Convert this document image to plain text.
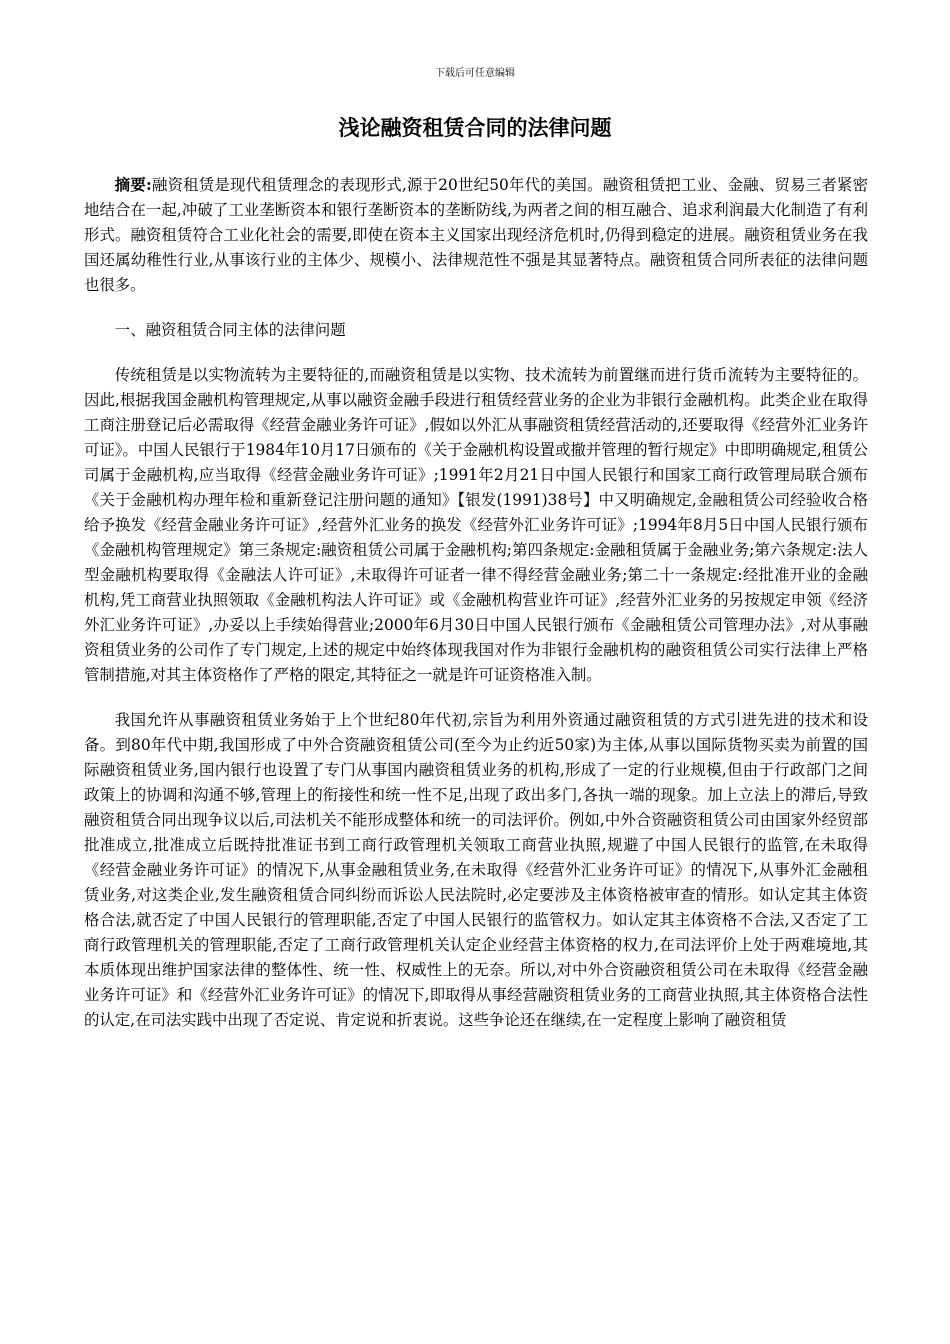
下载后可任意编辑
浅论融资租赁合同的法律问题

摘要:融资租赁是现代租赁理念的表现形式,源于20世纪50年代的美国。融资租赁把工业、金融、贸易三者紧密地结合在一起,冲破了工业垄断资本和银行垄断资本的垄断防线,为两者之间的相互融合、追求利润最大化制造了有利形式。融资租赁符合工业化社会的需要,即使在资本主义国家出现经济危机时,仍得到稳定的进展。融资租赁业务在我国还属幼稚性行业,从事该行业的主体少、规模小、法律规范性不强是其显著特点。融资租赁合同所表征的法律问题也很多。

一、融资租赁合同主体的法律问题

传统租赁是以实物流转为主要特征的,而融资租赁是以实物、技术流转为前置继而进行货币流转为主要特征的。因此,根据我国金融机构管理规定,从事以融资金融手段进行租赁经营业务的企业为非银行金融机构。此类企业在取得工商注册登记后必需取得《经营金融业务许可证》,假如以外汇从事融资租赁经营活动的,还要取得《经营外汇业务许可证》。中国人民银行于1984年10月17日颁布的《关于金融机构设置或撤并管理的暂行规定》中即明确规定,租赁公司属于金融机构,应当取得《经营金融业务许可证》;1991年2月21日中国人民银行和国家工商行政管理局联合颁布《关于金融机构办理年检和重新登记注册问题的通知》【银发(1991)38号】中又明确规定,金融租赁公司经验收合格给予换发《经营金融业务许可证》,经营外汇业务的换发《经营外汇业务许可证》;1994年8月5日中国人民银行颁布《金融机构管理规定》第三条规定:融资租赁公司属于金融机构;第四条规定:金融租赁属于金融业务;第六条规定:法人型金融机构要取得《金融法人许可证》,未取得许可证者一律不得经营金融业务;第二十一条规定:经批准开业的金融机构,凭工商营业执照领取《金融机构法人许可证》或《金融机构营业许可证》,经营外汇业务的另按规定申领《经济外汇业务许可证》,办妥以上手续始得营业;2000年6月30日中国人民银行颁布《金融租赁公司管理办法》,对从事融资租赁业务的公司作了专门规定,上述的规定中始终体现我国对作为非银行金融机构的融资租赁公司实行法律上严格管制措施,对其主体资格作了严格的限定,其特征之一就是许可证资格准入制。

我国允许从事融资租赁业务始于上个世纪80年代初,宗旨为利用外资通过融资租赁的方式引进先进的技术和设备。到80年代中期,我国形成了中外合资融资租赁公司(至今为止约近50家)为主体,从事以国际货物买卖为前置的国际融资租赁业务,国内银行也设置了专门从事国内融资租赁业务的机构,形成了一定的行业规模,但由于行政部门之间政策上的协调和沟通不够,管理上的衔接性和统一性不足,出现了政出多门,各执一端的现象。加上立法上的滞后,导致融资租赁合同出现争议以后,司法机关不能形成整体和统一的司法评价。例如,中外合资融资租赁公司由国家外经贸部批准成立,批准成立后既持批准证书到工商行政管理机关领取工商营业执照,规避了中国人民银行的监管,在未取得《经营金融业务许可证》的情况下,从事金融租赁业务,在未取得《经营外汇业务许可证》的情况下,从事外汇金融租赁业务,对这类企业,发生融资租赁合同纠纷而诉讼人民法院时,必定要涉及主体资格被审查的情形。如认定其主体资格合法,就否定了中国人民银行的管理职能,否定了中国人民银行的监管权力。如认定其主体资格不合法,又否定了工商行政管理机关的管理职能,否定了工商行政管理机关认定企业经营主体资格的权力,在司法评价上处于两难境地,其本质体现出维护国家法律的整体性、统一性、权威性上的无奈。所以,对中外合资融资租赁公司在未取得《经营金融业务许可证》和《经营外汇业务许可证》的情况下,即取得从事经营融资租赁业务的工商营业执照,其主体资格合法性的认定,在司法实践中出现了否定说、肯定说和折衷说。这些争论还在继续,在一定程度上影响了融资租赁
